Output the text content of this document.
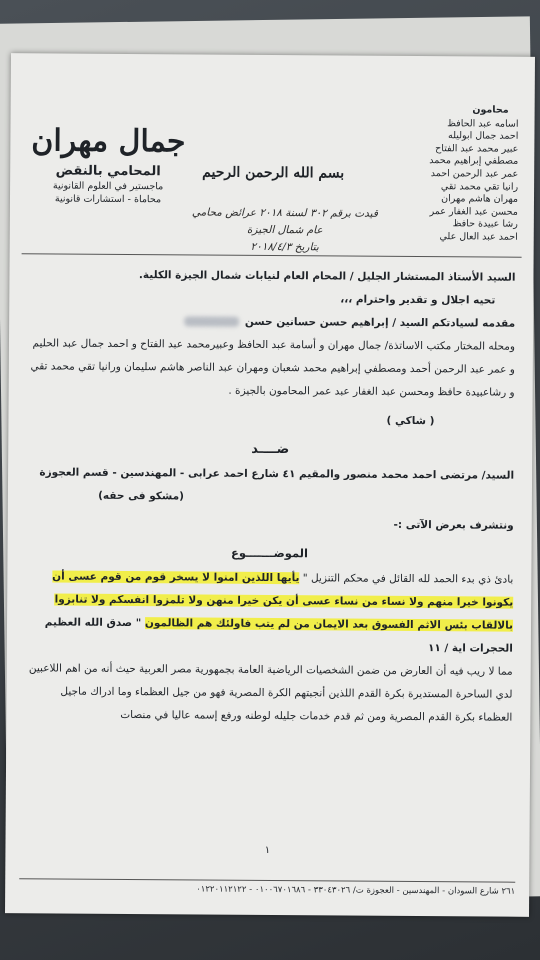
محامون
اسامه عبد الحافظ
احمد جمال ابوليله
عبير محمد عبد الفتاح
مصطفي إبراهيم محمد
عمر عبد الرحمن احمد
رانيا تقي محمد تقي
مهران هاشم مهران
محسن عبد الغفار عمر
رشا عبيدة حافظ
احمد عبد العال علي
بسم الله الرحمن الرحيم
قيدت برقم ٣٠٢ لسنة ٢٠١٨ عرائض محامي عام شمال الجيزة
بتاريخ ٢٠١٨/٤/٣
جمال مهران
المحامي بالنقض
ماجستير في العلوم القانونية
محاماة - استشارات قانونية

السيد الأستاذ المستشار الجليل / المحام العام لنيابات شمال الجيزة الكلية.

تحيه اجلال و تقدير واحترام ،،،

مقدمه لسيادتكم السيد / إبراهيم حسن حسانين حسن

ومحله المختار مكتب الاساتذة/ جمال مهران و أسامة عبد الحافظ وعبيرمحمد عبد الفتاح و احمد جمال عبد الحليم و عمر عبد الرحمن أحمد ومصطفي إبراهيم محمد شعبان ومهران عبد الناصر هاشم سليمان ورانيا تقي محمد تقي و رشاعبيدة حافظ ومحسن عبد الغفار عبد عمر المحامون بالجيزة .

( شاكي )

ضــــد

السيد/ مرتضى احمد محمد منصور والمقيم ٤١ شارع احمد عرابى - المهندسين - قسم العجوزة

(مشكو فى حقه)

ونتشرف بعرض الآتى :-

الموضـــــــوع

بادئ ذي بدء الحمد لله القائل في محكم التنزيل " يأيها اللذين امنوا لا يسخر قوم من قوم عسى أن يكونوا خيرا منهم ولا نساء من نساء عسى أن يكن خيرا منهن ولا تلمزوا انفسكم ولا تنابزوا بالالقاب بئس الاثم الفسوق بعد الايمان من لم يتب فاولئك هم الظالمون " صدق الله العظيم الحجرات اية / ١١

مما لا ريب فيه أن العارض من ضمن الشخصيات الرياضية العامة بجمهورية مصر العربية حيث أنه من اهم اللاعبين لدي الساحرة المستديرة بكرة القدم اللذين أنجبتهم الكرة المصرية فهو من جيل العظماء وما ادراك ماجيل العظماء بكرة القدم المصرية ومن ثم قدم خدمات جليله لوطنه ورفع إسمه عاليا في منصات

١
٢٦١ شارع السودان - المهندسين - العجوزة ت/ ٣٣٠٤٣٠٢٦ - ٠١٠٠٦٧٠١٦٨٦ - ٠١٢٢٠١١٢١٢٢
